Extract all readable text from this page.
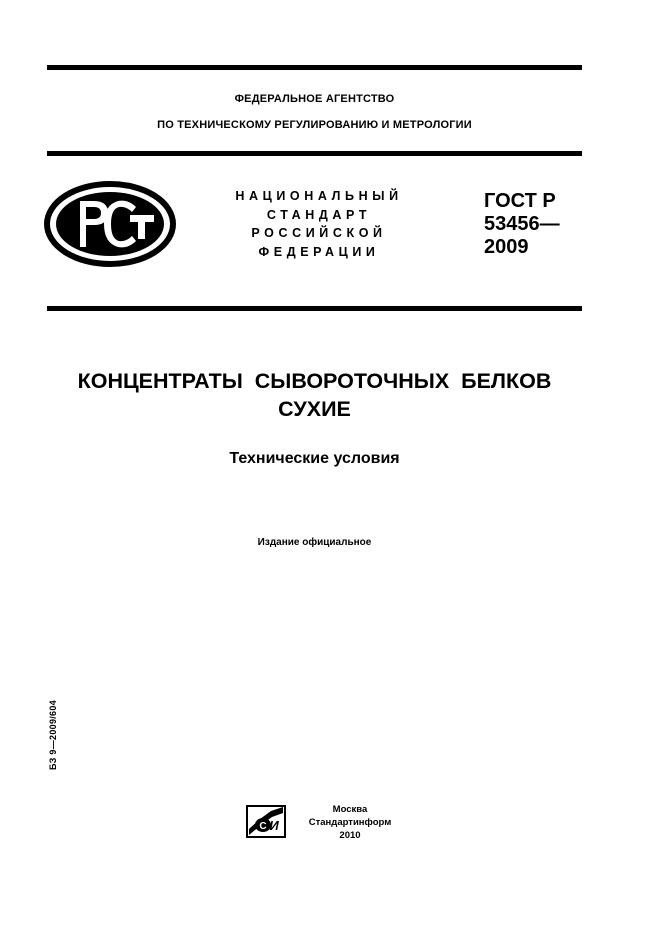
ФЕДЕРАЛЬНОЕ АГЕНТСТВО
ПО ТЕХНИЧЕСКОМУ РЕГУЛИРОВАНИЮ И МЕТРОЛОГИИ
НАЦИОНАЛЬНЫЙ
СТАНДАРТ
РОССИЙСКОЙ
ФЕДЕРАЦИИ
ГОСТ Р
53456—
2009
КОНЦЕНТРАТЫ СЫВОРОТОЧНЫХ БЕЛКОВ
СУХИЕ
Технические условия
Издание официальное
БЗ 9—2009/604
С И
Москва
Стандартинформ
2010
